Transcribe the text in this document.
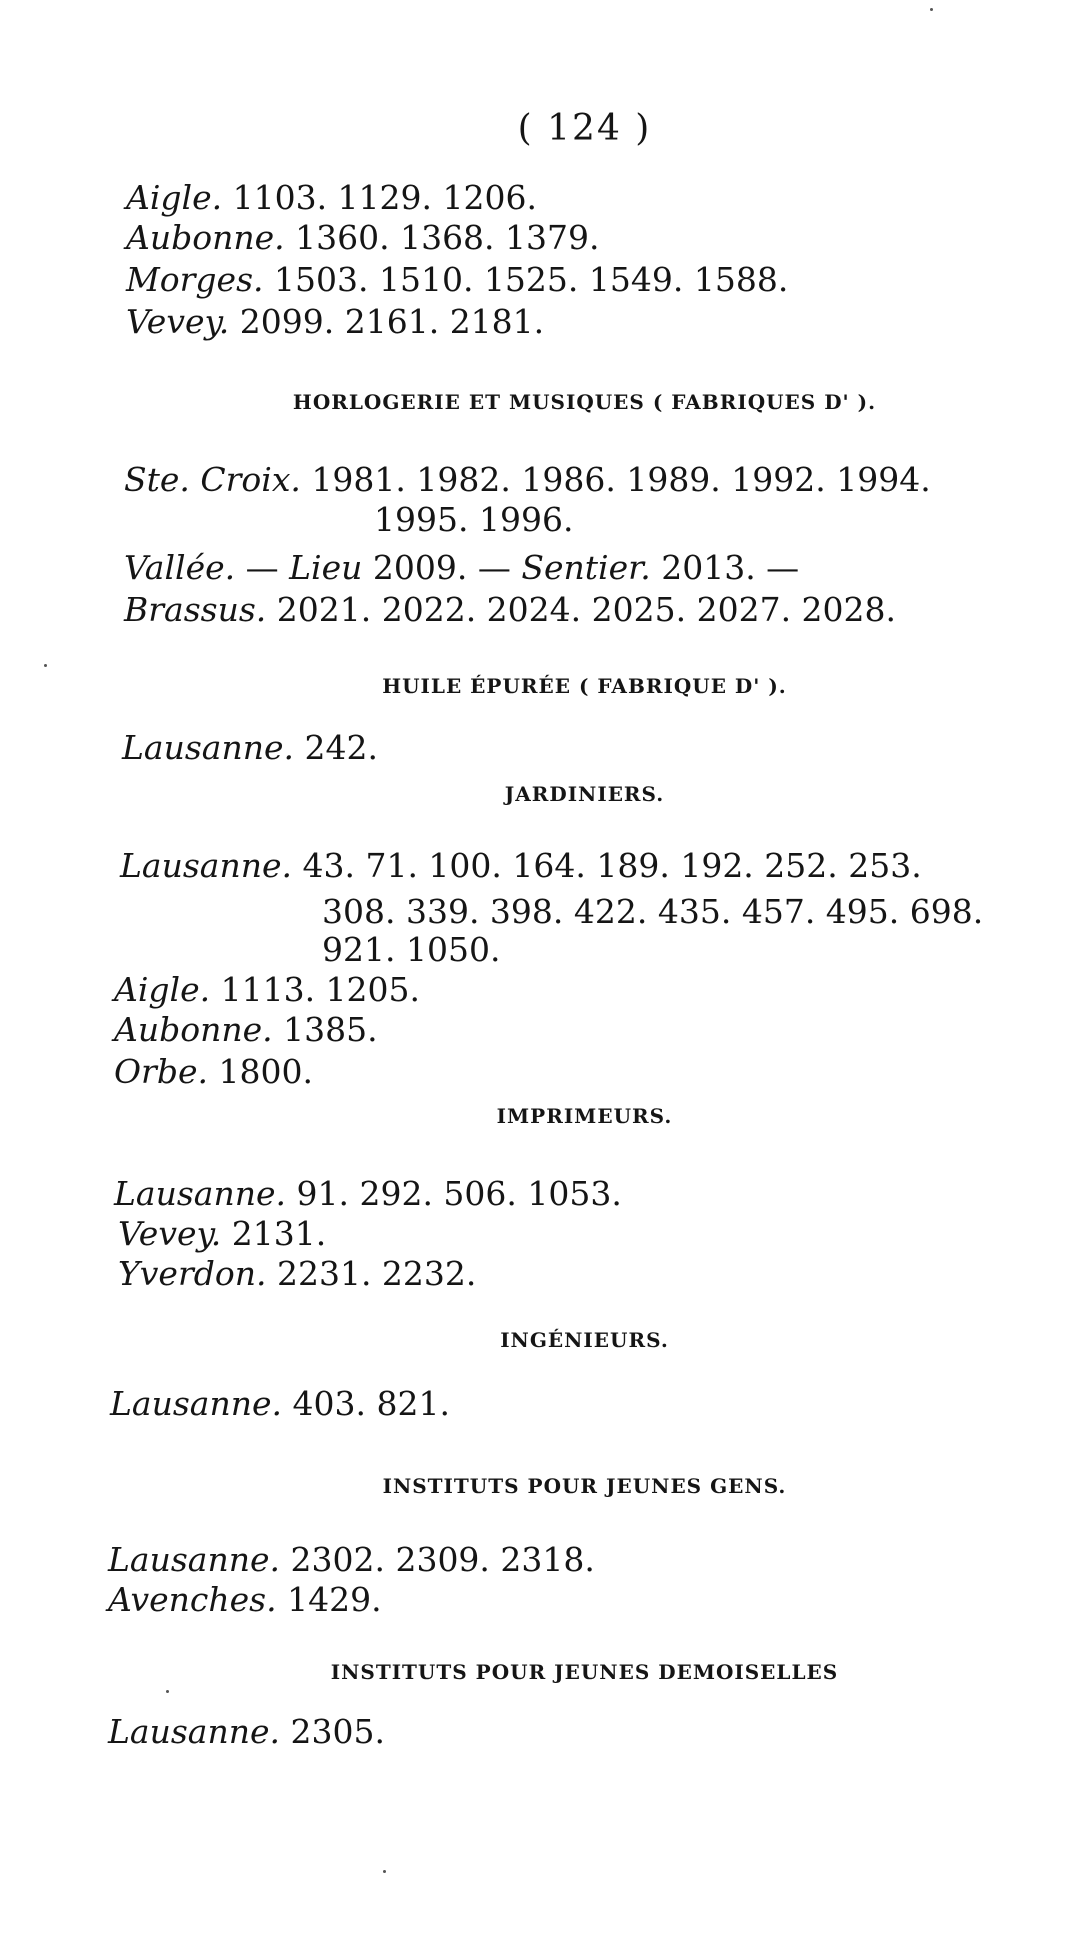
( 124 )
Aigle. 1103. 1129. 1206.
Aubonne. 1360. 1368. 1379.
Morges. 1503. 1510. 1525. 1549. 1588.
Vevey. 2099. 2161. 2181.
HORLOGERIE ET MUSIQUES ( FABRIQUES D' ).
Ste. Croix. 1981. 1982. 1986. 1989. 1992. 1994.
1995. 1996.
Vallée. — Lieu 2009. — Sentier. 2013. —
Brassus. 2021. 2022. 2024. 2025. 2027. 2028.
HUILE ÉPURÉE ( FABRIQUE D' ).
Lausanne. 242.
JARDINIERS.
Lausanne. 43. 71. 100. 164. 189. 192. 252. 253.
308. 339. 398. 422. 435. 457. 495. 698.
921. 1050.
Aigle. 1113. 1205.
Aubonne. 1385.
Orbe. 1800.
IMPRIMEURS.
Lausanne. 91. 292. 506. 1053.
Vevey. 2131.
Yverdon. 2231. 2232.
INGÉNIEURS.
Lausanne. 403. 821.
INSTITUTS POUR JEUNES GENS.
Lausanne. 2302. 2309. 2318.
Avenches. 1429.
INSTITUTS POUR JEUNES DEMOISELLES
Lausanne. 2305.
